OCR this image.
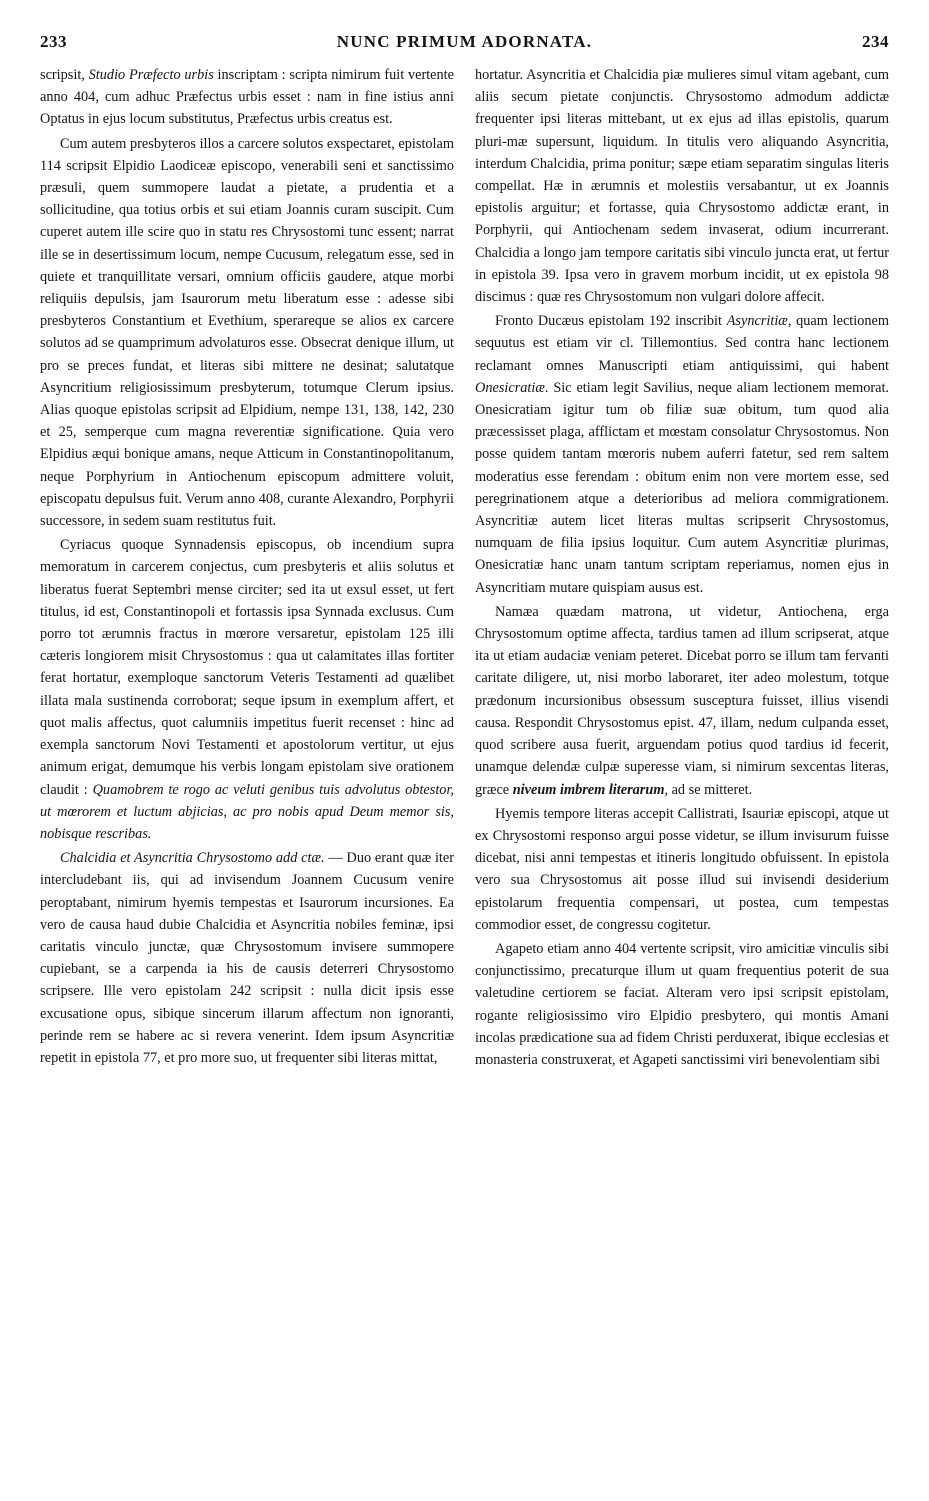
233	NUNC PRIMUM ADORNATA.	234

scripsit, Studio Præfecto urbis inscriptam : scripta nimirum fuit vertente anno 404, cum adhuc Præfectus urbis esset : nam in fine istius anni Optatus in ejus locum substitutus, Præfectus urbis creatus est.

Cum autem presbyteros illos a carcere solutos exspectaret, epistolam 114 scripsit Elpidio Laodiceæ episcopo, venerabili seni et sanctissimo præsuli, quem summopere laudat a pietate, a prudentia et a sollicitudine, qua totius orbis et sui etiam Joannis curam suscipit. Cum cuperet autem ille scire quo in statu res Chrysostomi tunc essent; narrat ille se in desertissimum locum, nempe Cucusum, relegatum esse, sed in quiete et tranquillitate versari, omnium officiis gaudere, atque morbi reliquiis depulsis, jam Isaurorum metu liberatum esse : adesse sibi presbyteros Constantium et Evethium, sperareque se alios ex carcere solutos ad se quamprimum advolaturos esse. Obsecrat denique illum, ut pro se preces fundat, et literas sibi mittere ne desinat; salutatque Asyncritium religiosissimum presbyterum, totumque Clerum ipsius. Alias quoque epistolas scripsit ad Elpidium, nempe 131, 138, 142, 230 et 25, semperque cum magna reverentiæ significatione. Quia vero Elpidius æqui bonique amans, neque Atticum in Constantinopolitanum, neque Porphyrium in Antiochenum episcopum admittere voluit, episcopatu depulsus fuit. Verum anno 408, curante Alexandro, Porphyrii successore, in sedem suam restitutus fuit.

Cyriacus quoque Synnadensis episcopus, ob incendium supra memoratum in carcerem conjectus, cum presbyteris et aliis solutus et liberatus fuerat Septembri mense circiter; sed ita ut exsul esset, ut fert titulus, id est, Constantinopoli et fortassis ipsa Synnada exclusus. Cum porro tot ærumnis fractus in mœrore versaretur, epistolam 125 illi cæteris longiorem misit Chrysostomus : qua ut calamitates illas fortiter ferat hortatur, exemploque sanctorum Veteris Testamenti ad quælibet illata mala sustinenda corroborat; seque ipsum in exemplum affert, et quot malis affectus, quot calumniis impetitus fuerit recenset : hinc ad exempla sanctorum Novi Testamenti et apostolorum vertitur, ut ejus animum erigat, demumque his verbis longam epistolam sive orationem claudit : Quamobrem te rogo ac veluti genibus tuis advolutus obtestor, ut mœrorem et luctum abjicias, ac pro nobis apud Deum memor sis, nobisque rescribas.

Chalcidia et Asyncritia Chrysostomo add ctæ. — Duo erant quæ iter intercludebant iis, qui ad invisendum Joannem Cucusum venire peroptabant, nimirum hyemis tempestas et Isaurorum incursiones. Ea vero de causa haud dubie Chalcidia et Asyncritia nobiles feminæ, ipsi caritatis vinculo junctæ, quæ Chrysostomum invisere summopere cupiebant, se a carpenda ia his de causis deterreri Chrysostomo scripsere. Ille vero epistolam 242 scripsit : nulla dicit ipsis esse excusatione opus, sibique sincerum illarum affectum non ignoranti, perinde rem se habere ac si revera venerint. Idem ipsum Asyncritiæ repetit in epistola 77, et pro more suo, ut frequenter sibi literas mittat,

hortatur. Asyncritia et Chalcidia piæ mulieres simul vitam agebant, cum aliis secum pietate conjunctis. Chrysostomo admodum addictæ frequenter ipsi literas mittebant, ut ex ejus ad illas epistolis, quarum pluri-mæ supersunt, liquidum. In titulis vero aliquando Asyncritia, interdum Chalcidia, prima ponitur; sæpe etiam separatim singulas literis compellat. Hæ in ærumnis et molestiis versabantur, ut ex Joannis epistolis arguitur; et fortasse, quia Chrysostomo addictæ erant, in Porphyrii, qui Antiochenam sedem invaserat, odium incurrerant. Chalcidia a longo jam tempore caritatis sibi vinculo juncta erat, ut fertur in epistola 39. Ipsa vero in gravem morbum incidit, ut ex epistola 98 discimus : quæ res Chrysostomum non vulgari dolore affecit.

Fronto Ducæus epistolam 192 inscribit Asyncritiæ, quam lectionem sequutus est etiam vir cl. Tillemontius. Sed contra hanc lectionem reclamant omnes Manuscripti etiam antiquissimi, qui habent Onesicratiæ. Sic etiam legit Savilius, neque aliam lectionem memorat. Onesicratiam igitur tum ob filiæ suæ obitum, tum quod alia præcessisset plaga, afflictam et mœstam consolatur Chrysostomus. Non posse quidem tantam mœroris nubem auferri fatetur, sed rem saltem moderatius esse ferendam : obitum enim non vere mortem esse, sed peregrinationem atque a deterioribus ad meliora commigrationem. Asyncritiæ autem licet literas multas scripserit Chrysostomus, numquam de filia ipsius loquitur. Cum autem Asyncritiæ plurimas, Onesicratiæ hanc unam tantum scriptam reperiamus, nomen ejus in Asyncritiam mutare quispiam ausus est.

Namæa quædam matrona, ut videtur, Antiochena, erga Chrysostomum optime affecta, tardius tamen ad illum scripserat, atque ita ut etiam audaciæ veniam peteret. Dicebat porro se illum tam fervanti caritate diligere, ut, nisi morbo laboraret, iter adeo molestum, totque prædonum incursionibus obsessum susceptura fuisset, illius visendi causa. Respondit Chrysostomus epist. 47, illam, nedum culpanda esset, quod scribere ausa fuerit, arguendam potius quod tardius id fecerit, unamque delendæ culpæ superesse viam, si nimirum sexcentas literas, græce niveum imbrem literarum, ad se mitteret.

Hyemis tempore literas accepit Callistrati, Isauriæ episcopi, atque ut ex Chrysostomi responso argui posse videtur, se illum invisurum fuisse dicebat, nisi anni tempestas et itineris longitudo obfuissent. In epistola vero sua Chrysostomus ait posse illud sui invisendi desiderium epistolarum frequentia compensari, ut postea, cum tempestas commodior esset, de congressu cogitetur.

Agapeto etiam anno 404 vertente scripsit, viro amicitiæ vinculis sibi conjunctissimo, precaturque illum ut quam frequentius poterit de sua valetudine certiorem se faciat. Alteram vero ipsi scripsit epistolam, rogante religiosissimo viro Elpidio presbytero, qui montis Amani incolas prædicatione sua ad fidem Christi perduxerat, ibique ecclesias et monasteria construxerat, et Agapeti sanctissimi viri benevolentiam sibi
